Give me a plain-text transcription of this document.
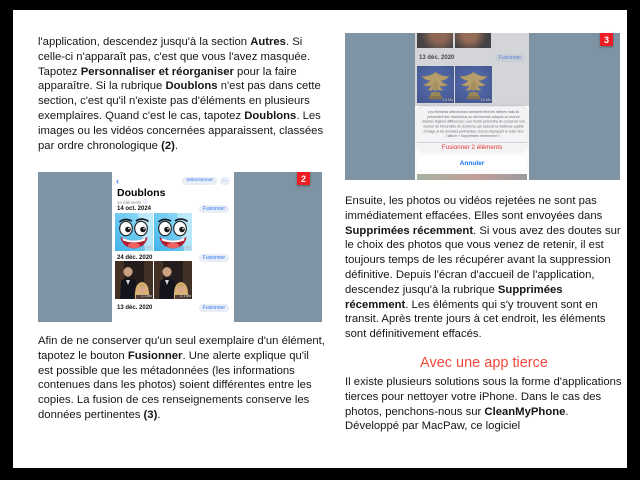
l'application, descendez jusqu'à la section Autres. Si celle-ci n'apparaît pas, c'est que vous l'avez masquée. Tapotez Personnaliser et réorganiser pour la faire apparaître. Si la rubrique Doublons n'est pas dans cette section, c'est qu'il n'existe pas d'éléments en plusieurs exemplaires. Quand c'est le cas, tapotez Doublons. Les images ou les vidéos concernées apparaissent, classées par ordre chronologique (2).

‹	Sélectionner	⋯
Doublons
34 éléments ⓘ
14 oct. 2024	Fusionner
2,7 Mo	2,7 Mo
24 déc. 2020	Fusionner
2,1 Mo	2,1 Mo
13 déc. 2020	Fusionner
2

Afin de ne conserver qu'un seul exemplaire d'un élément, tapotez le bouton Fusionner. Une alerte explique qu'il est possible que les métadonnées (les informations contenues dans les photos) soient différentes entre les copies. La fusion de ces renseignements conserve les données pertinentes (3).

13 déc. 2020	Fusionner
1,5 Mo	1,5 Mo
Les éléments sélectionnés semblent être les mêmes mais ils présentent des résolutions ou des formats uniques ou encore d'autres légères différences. Leur fusion permettra de conserver une version de l'ensemble de doublons, qui associe la meilleure qualité d'image et les données pertinentes, tout en déplaçant le reste vers l'album « Supprimées récemment ».
Fusionner 2 éléments
Annuler
3

Ensuite, les photos ou vidéos rejetées ne sont pas immédiatement effacées. Elles sont envoyées dans Supprimées récemment. Si vous avez des doutes sur le choix des photos que vous venez de retenir, il est toujours temps de les récupérer avant la suppression définitive. Depuis l'écran d'accueil de l'application, descendez jusqu'à la rubrique Supprimées récemment. Les éléments qui s'y trouvent sont en transit. Après trente jours à cet endroit, les éléments sont définitivement effacés.

Avec une app tierce

Il existe plusieurs solutions sous la forme d'applications tierces pour nettoyer votre iPhone. Dans le cas des photos, penchons-nous sur CleanMyPhone. Développé par MacPaw, ce logiciel
